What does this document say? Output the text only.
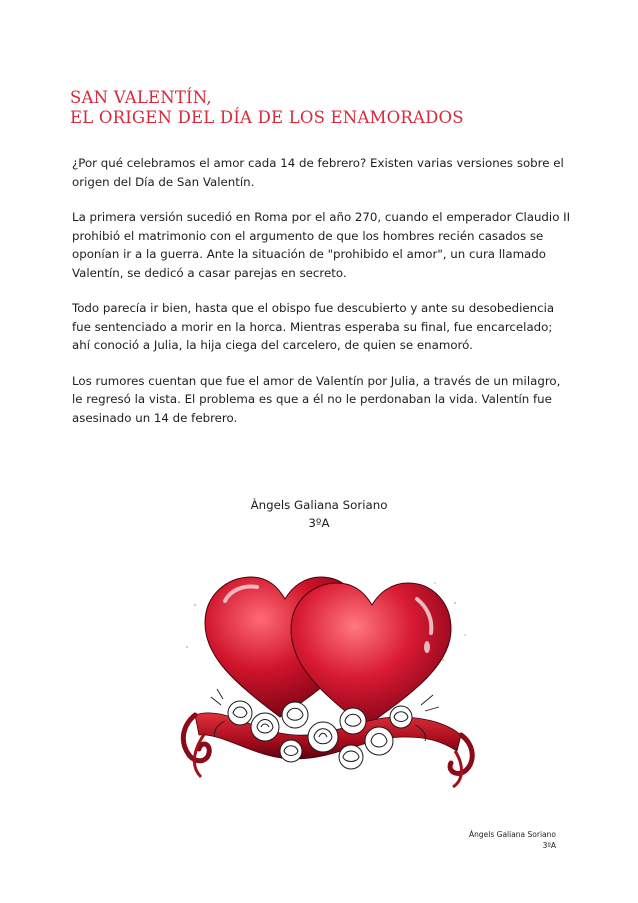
SAN VALENTÍN,
EL ORIGEN DEL DÍA DE LOS ENAMORADOS

¿Por qué celebramos el amor cada 14 de febrero? Existen varias versiones sobre el origen del Día de San Valentín.

La primera versión sucedió en Roma por el año 270, cuando el emperador Claudio II prohibió el matrimonio con el argumento de que los hombres recién casados se oponían ir a la guerra. Ante la situación de "prohibido el amor", un cura llamado Valentín, se dedicó a casar parejas en secreto.

Todo parecía ir bien, hasta que el obispo fue descubierto y ante su desobediencia fue sentenciado a morir en la horca. Mientras esperaba su final, fue encarcelado; ahí conoció a Julia, la hija ciega del carcelero, de quien se enamoró.

Los rumores cuentan que fue el amor de Valentín por Julia, a través de un milagro, le regresó la vista. El problema es que a él no le perdonaban la vida. Valentín fue asesinado un 14 de febrero.

Àngels Galiana Soriano
3ºA
Àngels Galiana Soriano
3ºA
